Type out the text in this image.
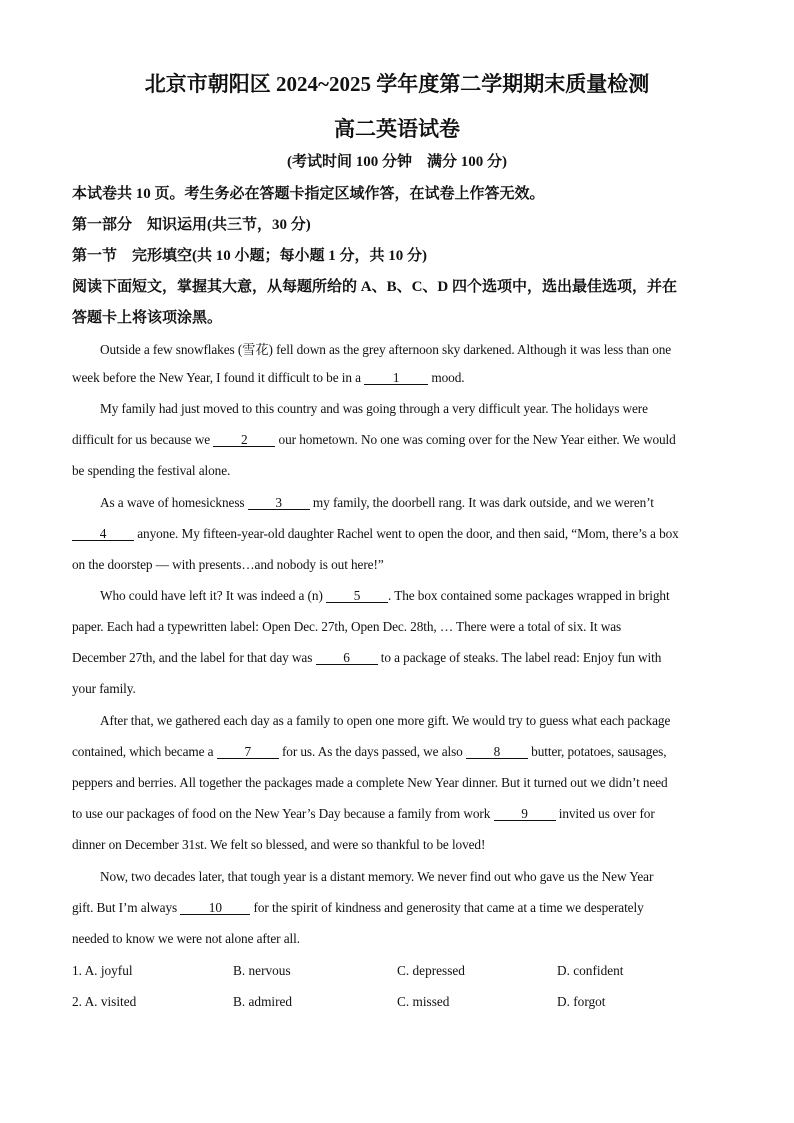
北京市朝阳区 2024~2025 学年度第二学期期末质量检测
高二英语试卷
(考试时间 100 分钟　满分 100 分)
本试卷共 10 页。考生务必在答题卡指定区域作答，在试卷上作答无效。
第一部分　知识运用(共三节，30 分)
第一节　完形填空(共 10 小题；每小题 1 分，共 10 分)
阅读下面短文，掌握其大意，从每题所给的 A、B、C、D 四个选项中，选出最佳选项，并在
答题卡上将该项涂黑。
Outside a few snowflakes (雪花) fell down as the grey afternoon sky darkened. Although it was less than one
week before the New Year, I found it difficult to be in a 1 mood.
My family had just moved to this country and was going through a very difficult year. The holidays were
difficult for us because we 2 our hometown. No one was coming over for the New Year either. We would
be spending the festival alone.
As a wave of homesickness 3 my family, the doorbell rang. It was dark outside, and we weren’t
4 anyone. My fifteen-year-old daughter Rachel went to open the door, and then said, “Mom, there’s a box
on the doorstep — with presents…and nobody is out here!”
Who could have left it? It was indeed a (n) 5 . The box contained some packages wrapped in bright
paper. Each had a typewritten label: Open Dec. 27th, Open Dec. 28th, … There were a total of six. It was
December 27th, and the label for that day was 6 to a package of steaks. The label read: Enjoy fun with
your family.
After that, we gathered each day as a family to open one more gift. We would try to guess what each package
contained, which became a 7 for us. As the days passed, we also 8 butter, potatoes, sausages,
peppers and berries. All together the packages made a complete New Year dinner. But it turned out we didn’t need
to use our packages of food on the New Year’s Day because a family from work 9 invited us over for
dinner on December 31st. We felt so blessed, and were so thankful to be loved!
Now, two decades later, that tough year is a distant memory. We never find out who gave us the New Year
gift. But I’m always 10 for the spirit of kindness and generosity that came at a time we desperately
needed to know we were not alone after all.
1. A. joyful	B. nervous	C. depressed	D. confident
2. A. visited	B. admired	C. missed	D. forgot
